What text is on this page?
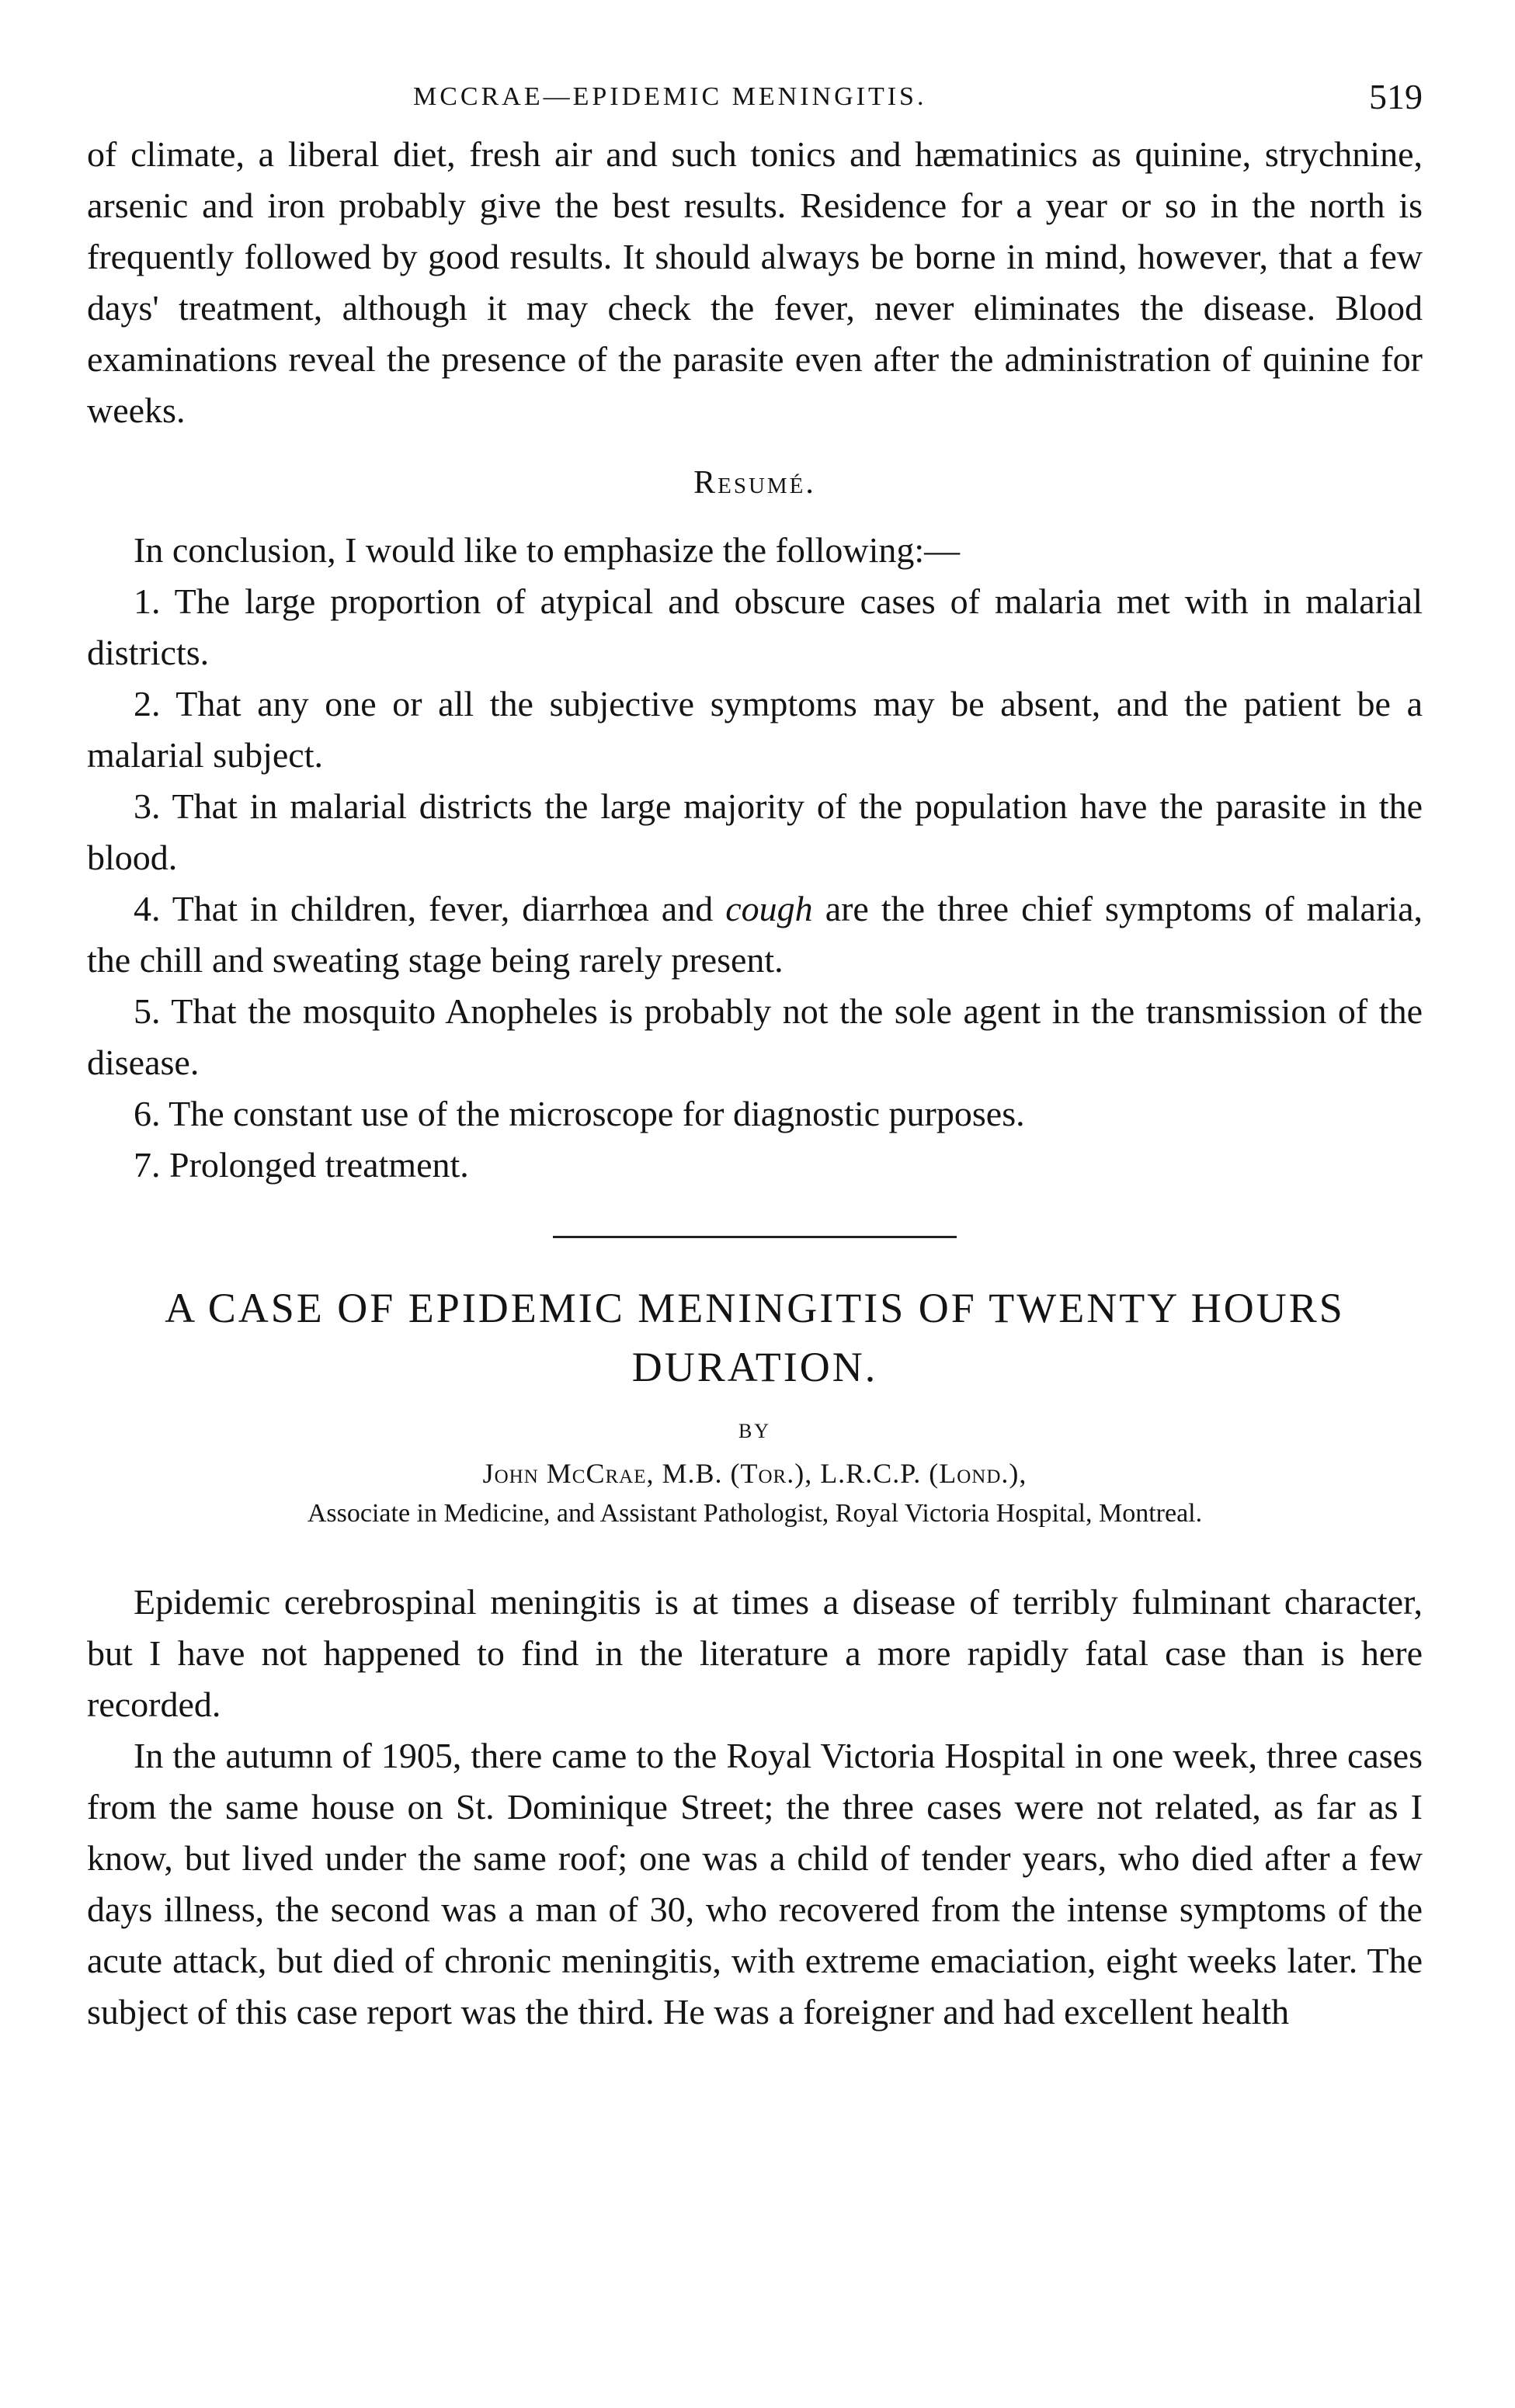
MCCRAE—EPIDEMIC MENINGITIS.	519

of climate, a liberal diet, fresh air and such tonics and hæmatinics as quinine, strychnine, arsenic and iron probably give the best results. Residence for a year or so in the north is frequently followed by good results. It should always be borne in mind, however, that a few days' treatment, although it may check the fever, never eliminates the disease. Blood examinations reveal the presence of the parasite even after the administration of quinine for weeks.

Resumé.

In conclusion, I would like to emphasize the following:—

1. The large proportion of atypical and obscure cases of malaria met with in malarial districts.

2. That any one or all the subjective symptoms may be absent, and the patient be a malarial subject.

3. That in malarial districts the large majority of the population have the parasite in the blood.

4. That in children, fever, diarrhœa and cough are the three chief symptoms of malaria, the chill and sweating stage being rarely present.

5. That the mosquito Anopheles is probably not the sole agent in the transmission of the disease.

6. The constant use of the microscope for diagnostic purposes.

7. Prolonged treatment.

A CASE OF EPIDEMIC MENINGITIS OF TWENTY HOURS DURATION.
BY
John McCrae, M.B. (Tor.), L.R.C.P. (Lond.),
Associate in Medicine, and Assistant Pathologist, Royal Victoria Hospital, Montreal.

Epidemic cerebrospinal meningitis is at times a disease of terribly fulminant character, but I have not happened to find in the literature a more rapidly fatal case than is here recorded.

In the autumn of 1905, there came to the Royal Victoria Hospital in one week, three cases from the same house on St. Dominique Street; the three cases were not related, as far as I know, but lived under the same roof; one was a child of tender years, who died after a few days illness, the second was a man of 30, who recovered from the intense symptoms of the acute attack, but died of chronic meningitis, with extreme emaciation, eight weeks later. The subject of this case report was the third. He was a foreigner and had excellent health
